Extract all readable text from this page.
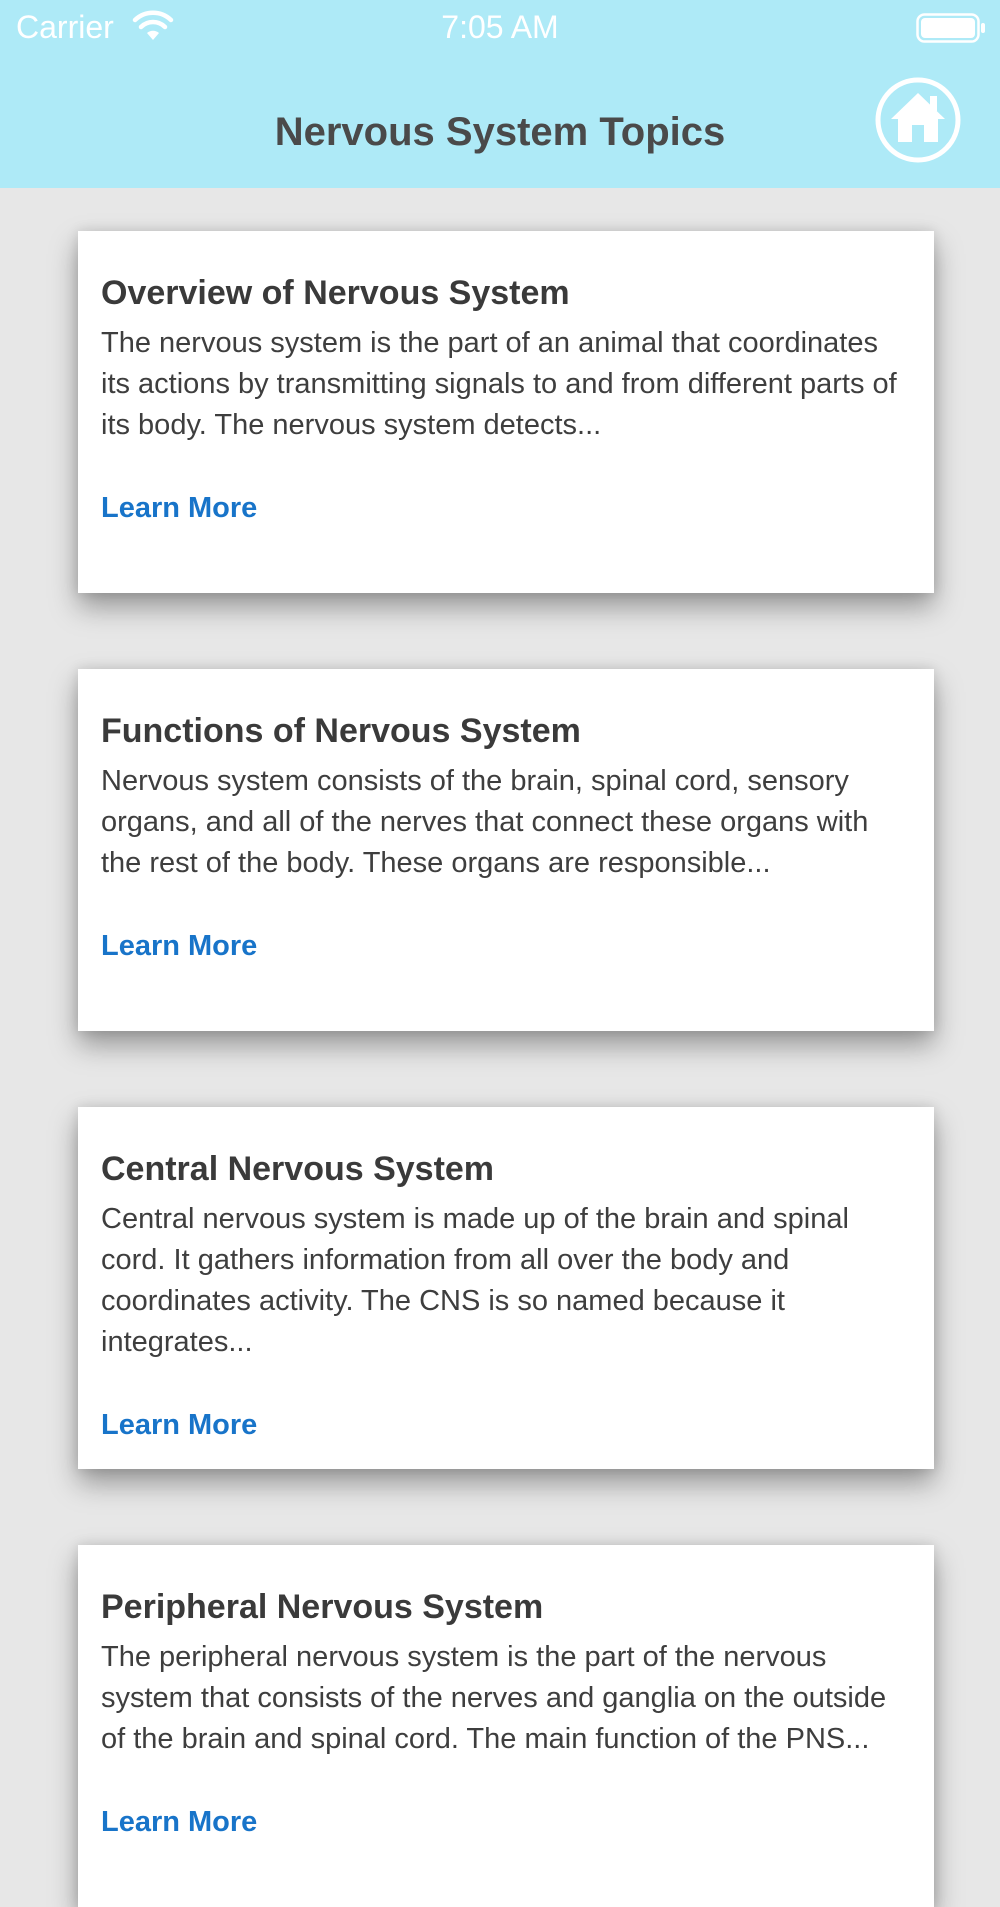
Carrier	7:05 AM
Nervous System Topics
Overview of Nervous System

The nervous system is the part of an animal that coordinates its actions by transmitting signals to and from different parts of its body. The nervous system detects...

Learn More
Functions of Nervous System

Nervous system consists of the brain, spinal cord, sensory organs, and all of the nerves that connect these organs with the rest of the body. These organs are responsible...

Learn More
Central Nervous System

Central nervous system is made up of the brain and spinal cord. It gathers information from all over the body and coordinates activity. The CNS is so named because it integrates...

Learn More
Peripheral Nervous System

The peripheral nervous system is the part of the nervous system that consists of the nerves and ganglia on the outside of the brain and spinal cord. The main function of the PNS...

Learn More
